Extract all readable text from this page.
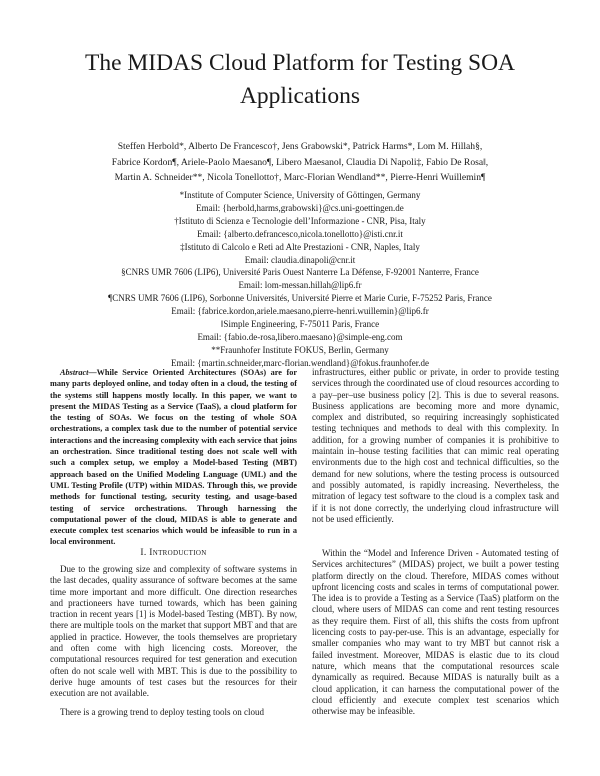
The MIDAS Cloud Platform for Testing SOA Applications
Steffen Herbold*, Alberto De Francesco†, Jens Grabowski*, Patrick Harms*, Lom M. Hillah§,
Fabrice Kordon¶, Ariele-Paolo Maesano¶, Libero Maesano‖, Claudia Di Napoli‡, Fabio De Rosa‖,
Martin A. Schneider**, Nicola Tonellotto†, Marc-Florian Wendland**, Pierre-Henri Wuillemin¶
*Institute of Computer Science, University of Göttingen, Germany
Email: {herbold,harms,grabowski}@cs.uni-goettingen.de
†Istituto di Scienza e Tecnologie dell’Informazione - CNR, Pisa, Italy
Email: {alberto.defrancesco,nicola.tonellotto}@isti.cnr.it
‡Istituto di Calcolo e Reti ad Alte Prestazioni - CNR, Naples, Italy
Email: claudia.dinapoli@cnr.it
§CNRS UMR 7606 (LIP6), Université Paris Ouest Nanterre La Défense, F-92001 Nanterre, France
Email: lom-messan.hillah@lip6.fr
¶CNRS UMR 7606 (LIP6), Sorbonne Universités, Université Pierre et Marie Curie, F-75252 Paris, France
Email: {fabrice.kordon,ariele.maesano,pierre-henri.wuillemin}@lip6.fr
‖Simple Engineering, F-75011 Paris, France
Email: {fabio.de-rosa,libero.maesano}@simple-eng.com
**Fraunhofer Institute FOKUS, Berlin, Germany
Email: {martin.schneider,marc-florian.wendland}@fokus.fraunhofer.de

Abstract—While Service Oriented Architectures (SOAs) are for many parts deployed online, and today often in a cloud, the testing of the systems still happens mostly locally. In this paper, we want to present the MIDAS Testing as a Service (TaaS), a cloud platform for the testing of SOAs. We focus on the testing of whole SOA orchestrations, a complex task due to the number of potential service interactions and the increasing complexity with each service that joins an orchestration. Since traditional testing does not scale well with such a complex setup, we employ a Model-based Testing (MBT) approach based on the Unified Modeling Language (UML) and the UML Testing Profile (UTP) within MIDAS. Through this, we provide methods for functional testing, security testing, and usage-based testing of service orchestrations. Through harnessing the computational power of the cloud, MIDAS is able to generate and execute complex test scenarios which would be infeasible to run in a local environment.

infrastructures, either public or private, in order to provide testing services through the coordinated use of cloud resources according to a pay–per–use business policy [2]. This is due to several reasons. Business applications are becoming more and more dynamic, complex and distributed, so requiring increasingly sophisticated testing techniques and methods to deal with this complexity. In addition, for a growing number of companies it is prohibitive to maintain in–house testing facilities that can mimic real operating environments due to the high cost and technical difficulties, so the demand for new solutions, where the testing process is outsourced and possibly automated, is rapidly increasing. Nevertheless, the mitration of legacy test software to the cloud is a complex task and if it is not done correctly, the underlying cloud infrastructure will not be used efficiently.

I. Introduction

Due to the growing size and complexity of software systems in the last decades, quality assurance of software becomes at the same time more important and more difficult. One direction researches and practioneers have turned towards, which has been gaining traction in recent years [1] is Model-based Testing (MBT). By now, there are multiple tools on the market that support MBT and that are applied in practice. However, the tools themselves are proprietary and often come with high licencing costs. Moreover, the computational resources required for test generation and execution often do not scale well with MBT. This is due to the possibility to derive huge amounts of test cases but the resources for their execution are not available.

There is a growing trend to deploy testing tools on cloud

Within the “Model and Inference Driven - Automated testing of Services architectures” (MIDAS) project, we built a power testing platform directly on the cloud. Therefore, MIDAS comes without upfront licencing costs and scales in terms of computational power. The idea is to provide a Testing as a Service (TaaS) platform on the cloud, where users of MIDAS can come and rent testing resources as they require them. First of all, this shifts the costs from upfront licencing costs to pay-per-use. This is an advantage, especially for smaller companies who may want to try MBT but cannot risk a failed investment. Moreover, MIDAS is elastic due to its cloud nature, which means that the computational resources scale dynamically as required. Because MIDAS is naturally built as a cloud application, it can harness the computational power of the cloud efficiently and execute complex test scenarios which otherwise may be infeasible.
